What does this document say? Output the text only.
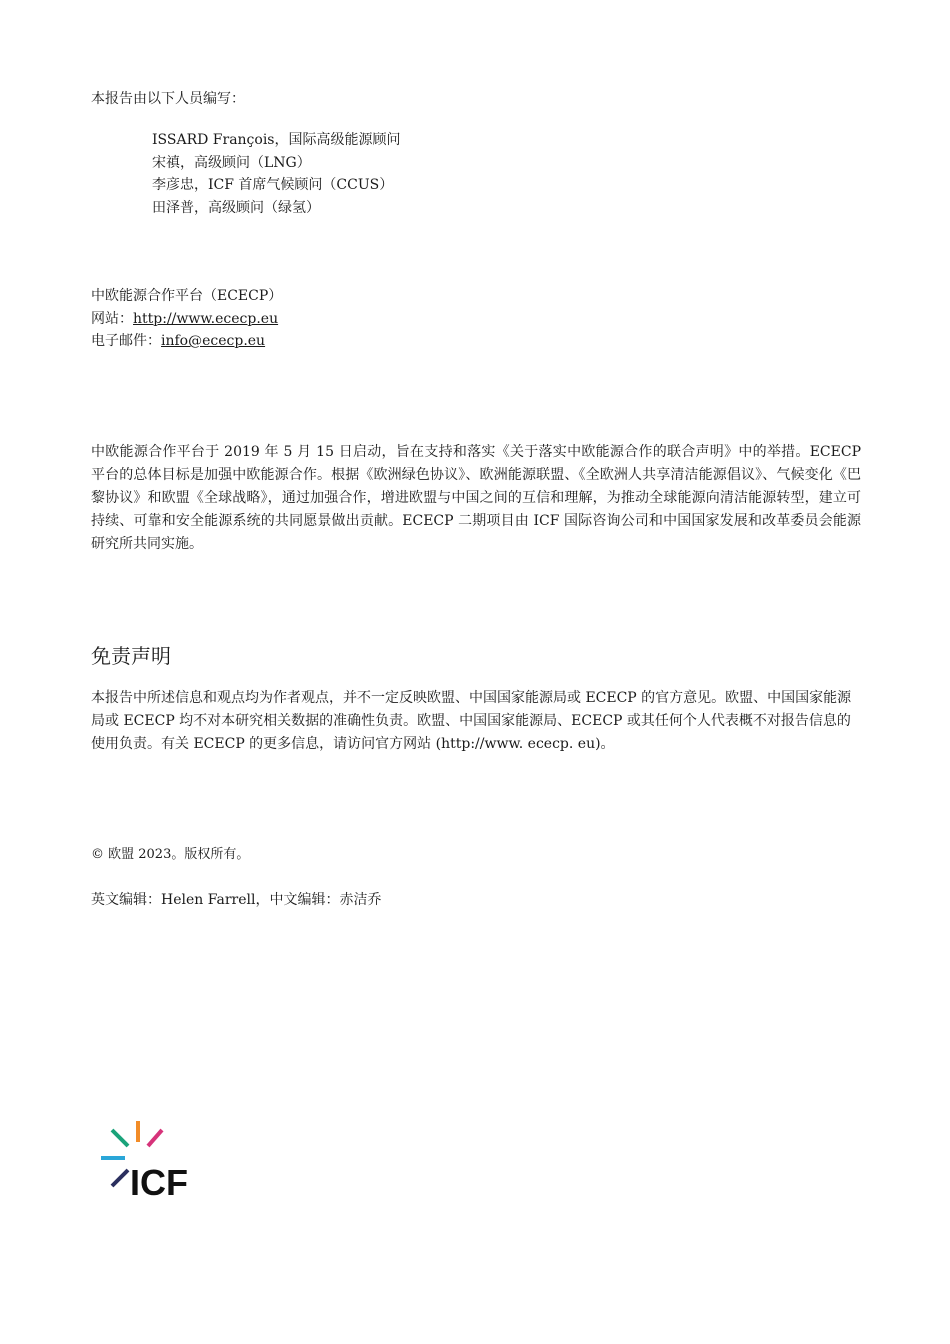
本报告由以下人员编写：
ISSARD François，国际高级能源顾问
宋禛，高级顾问（LNG）
李彦忠，ICF 首席气候顾问（CCUS）
田泽普，高级顾问（绿氢）
中欧能源合作平台（ECECP）
网站：http://www.ececp.eu
电子邮件：info@ececp.eu
中欧能源合作平台于 2019 年 5 月 15 日启动，旨在支持和落实《关于落实中欧能源合作的联合声明》中的举措。ECECP 平台的总体目标是加强中欧能源合作。根据《欧洲绿色协议》、欧洲能源联盟、《全欧洲人共享清洁能源倡议》、气候变化《巴黎协议》和欧盟《全球战略》，通过加强合作，增进欧盟与中国之间的互信和理解，为推动全球能源向清洁能源转型，建立可持续、可靠和安全能源系统的共同愿景做出贡献。ECECP 二期项目由 ICF 国际咨询公司和中国国家发展和改革委员会能源研究所共同实施。
免责声明
本报告中所述信息和观点均为作者观点，并不一定反映欧盟、中国国家能源局或 ECECP 的官方意见。欧盟、中国国家能源局或 ECECP 均不对本研究相关数据的准确性负责。欧盟、中国国家能源局、ECECP 或其任何个人代表概不对报告信息的使用负责。有关 ECECP 的更多信息，请访问官方网站 (http://www. ececp. eu)。
© 欧盟 2023。版权所有。
英文编辑：Helen Farrell，中文编辑：赤洁乔
ICF
